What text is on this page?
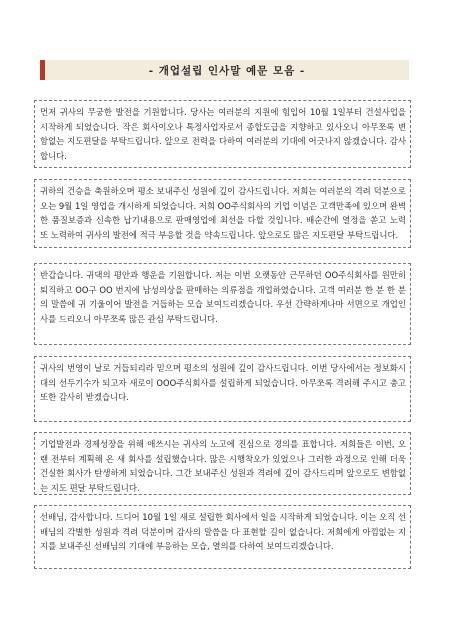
- 개업설립 인사말 예문 모음 -

먼저 귀사의 무궁한 발전을 기원합니다. 당사는 여러분의 지원에 힘입어 10월 1일부터 건설사업을 시작하게 되었습니다. 작은 회사이오나 톡정사업자로서 종합도급을 지향하고 있사오니 아무쪼록 변함없는 지도편달을 부탁드립니다. 앞으로 전력을 다하여 여러분의 기대에 어긋나지 않겠습니다. 감사합니다.

귀하의 건승을 축원하오며 평소 보내주신 성원에 깊이 감사드립니다. 저희는 여러분의 격려 덕분으로 오는 9월 1일 영업을 개시하게 되었습니다. 저희 OO주식회사의 기업 이념은 고객만족에 있으며 완벽한 품질보증과 신속한 납기내용으로 판매영업에 최선을 다할 것입니다. 배순간에 열정을 쏟고 노력 또 노력하여 귀사의 발전에 적극 부응할 것을 약속드립니다. 앞으로도 많은 지도편달 부탁드립니다.

반갑습니다. 귀댁의 평안과 행운을 기원합니다. 저는 이번 오랫동안 근무하던 OO주식회사를 원만히 퇴직하고 OO구 OO 번지에 남성의상을 판매하는 의류점을 개업하였습니다. 고객 여러분 한 분 한 분의 말씀에 귀 기울이어 발전을 거듭하는 모습 보여드리겠습니다. 우선 간략하게나마 서면으로 개업인사를 드리오니 아무쪼록 많은 관심 부탁드립니다.

귀사의 번영이 날로 거듭되리라 믿으며 평소의 성원에 깊이 감사드립니다. 이번 당사에서는 정보화시대의 선두기수가 되고자 새로이 OOO주식회사를 설립하게 되었습니다. 아무쪼록 격려해 주시고 충고 또한 감사히 받겠습니다.

기업발전과 경제성장을 위해 애쓰시는 귀사의 노고에 진심으로 경의를 표합니다. 저희들은 이번, 오랜 전부터 계획해 온 새 회사를 설립했습니다. 많은 시행착오가 있었으나 그러한 과정으로 인해 더욱 건실한 회사가 탄생하게 되었습니다. 그간 보내주신 성원과 격려에 깊이 감사드리며 앞으로도 변함없는 지도 편달 부탁드립니다.

선배님, 감사합니다. 드디어 10월 1일 새로 설립한 회사에서 일을 시작하게 되었습니다. 이는 오직 선배님의 각별한 성원과 격려 덕분이며 감사의 말씀을 다 표현할 길이 없습니다. 저희에게 아낌없는 지지를 보내주신 선배님의 기대에 부응하는 모습, 열의를 다하여 보여드리겠습니다.
